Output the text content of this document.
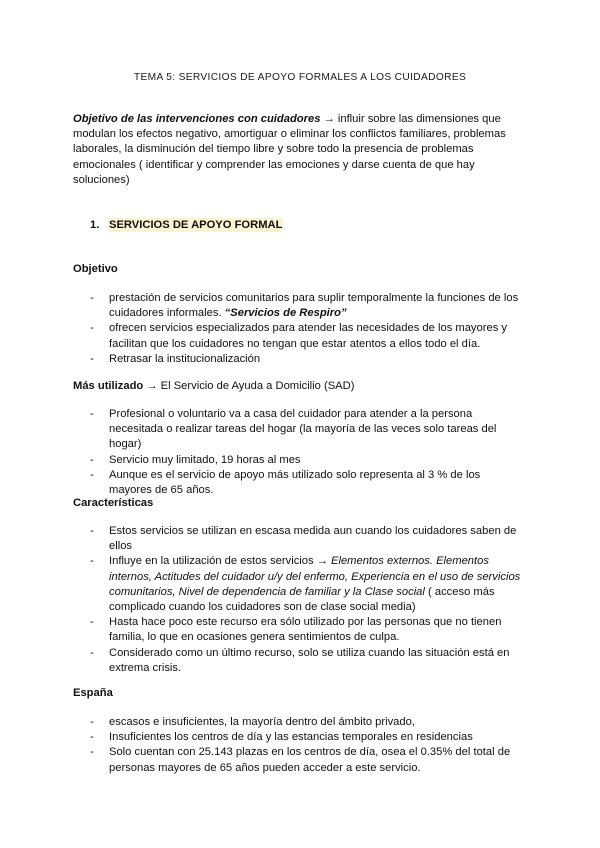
TEMA 5: SERVICIOS DE APOYO FORMALES A LOS CUIDADORES
Objetivo de las intervenciones con cuidadores → influir sobre las dimensiones que modulan los efectos negativo, amortiguar o eliminar los conflictos familiares, problemas laborales, la disminución del tiempo libre y sobre todo la presencia de problemas emocionales ( identificar y comprender las emociones y darse cuenta de que hay soluciones)
1. SERVICIOS DE APOYO FORMAL
Objetivo
- prestación de servicios comunitarios para suplir temporalmente la funciones de los cuidadores informales. “Servicios de Respiro”
- ofrecen servicios especializados para atender las necesidades de los mayores y facilitan que los cuidadores no tengan que estar atentos a ellos todo el día.
- Retrasar la institucionalización
Más utilizado → El Servicio de Ayuda a Domicilio (SAD)
- Profesional o voluntario va a casa del cuidador para atender a la persona necesitada o realizar tareas del hogar (la mayoría de las veces solo tareas del hogar)
- Servicio muy limitado, 19 horas al mes
- Aunque es el servicio de apoyo más utilizado solo representa al 3 % de los mayores de 65 años.
Características
- Estos servicios se utilizan en escasa medida aun cuando los cuidadores saben de ellos
- Influye en la utilización de estos servicios → Elementos externos. Elementos internos, Actitudes del cuidador u/y del enfermo, Experiencia en el uso de servicios comunitarios, Nivel de dependencia de familiar y la Clase social ( acceso más complicado cuando los cuidadores son de clase social media)
- Hasta hace poco este recurso era sólo utilizado por las personas que no tienen familia, lo que en ocasiones genera sentimientos de culpa.
- Considerado como un último recurso, solo se utiliza cuando las situación está en extrema crisis.
España
- escasos e insuficientes, la mayoría dentro del ámbito privado,
- Insuficientes los centros de día y las estancias temporales en residencias
- Solo cuentan con 25.143 plazas en los centros de día, osea el 0.35% del total de personas mayores de 65 años pueden acceder a este servicio.
